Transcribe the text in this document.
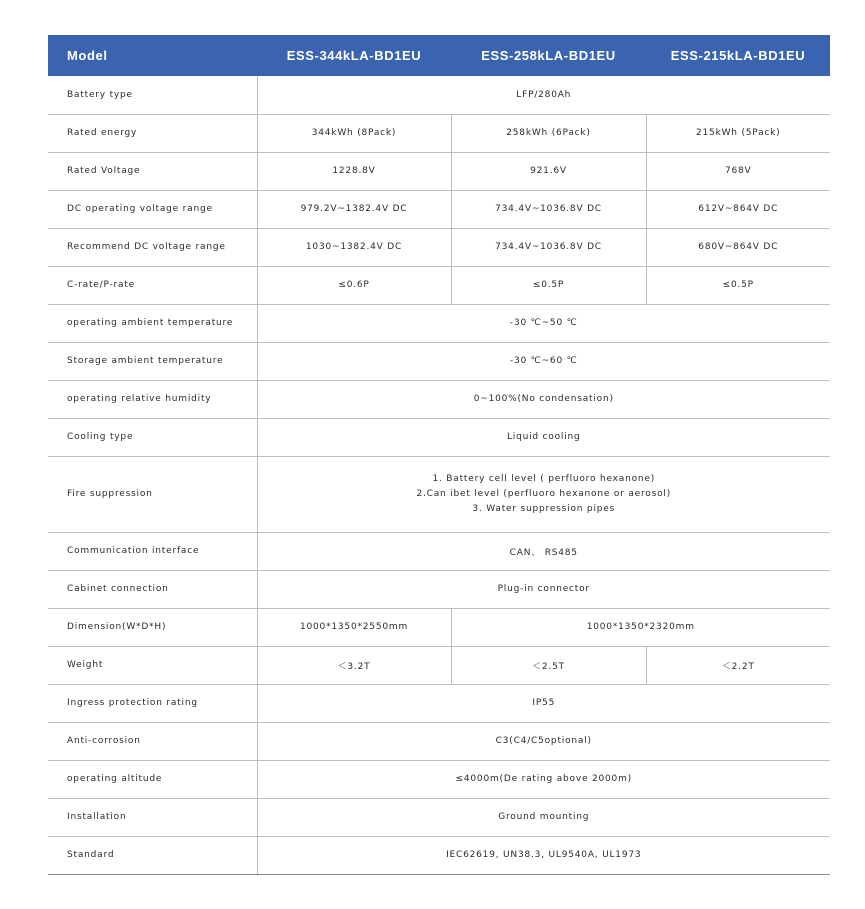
Model	ESS-344kLA-BD1EU	ESS-258kLA-BD1EU	ESS-215kLA-BD1EU
Battery type	LFP/280Ah		
Rated energy	344kWh (8Pack)	258kWh (6Pack)	215kWh (5Pack)
Rated Voltage	1228.8V	921.6V	768V
DC operating voltage range	979.2V~1382.4V DC	734.4V~1036.8V DC	612V~864V DC
Recommend DC voltage range	1030~1382.4V DC	734.4V~1036.8V DC	680V~864V DC
C-rate/P-rate	≤0.6P	≤0.5P	≤0.5P
operating ambient temperature	-30 ℃~50 ℃		
Storage ambient temperature	-30 ℃~60 ℃		
operating relative humidity	0~100%(No condensation)		
Cooling type	Liquid cooling		
Fire suppression	1. Battery cell level ( perfluoro hexanone)
2.Can ibet level (perfluoro hexanone or aerosol)
3. Water suppression pipes		

Communication interface	CAN、 RS485		
Cabinet connection	Plug-in connector		
Dimension(W*D*H)	1000*1350*2550mm	1000*1350*2320mm	
Weight	＜3.2T	＜2.5T	＜2.2T
Ingress protection rating	IP55		
Anti-corrosion	C3(C4/C5optional)		
operating altitude	≤4000m(De rating above 2000m)		
Installation	Ground mounting		
Standard	IEC62619, UN38.3, UL9540A, UL1973		
